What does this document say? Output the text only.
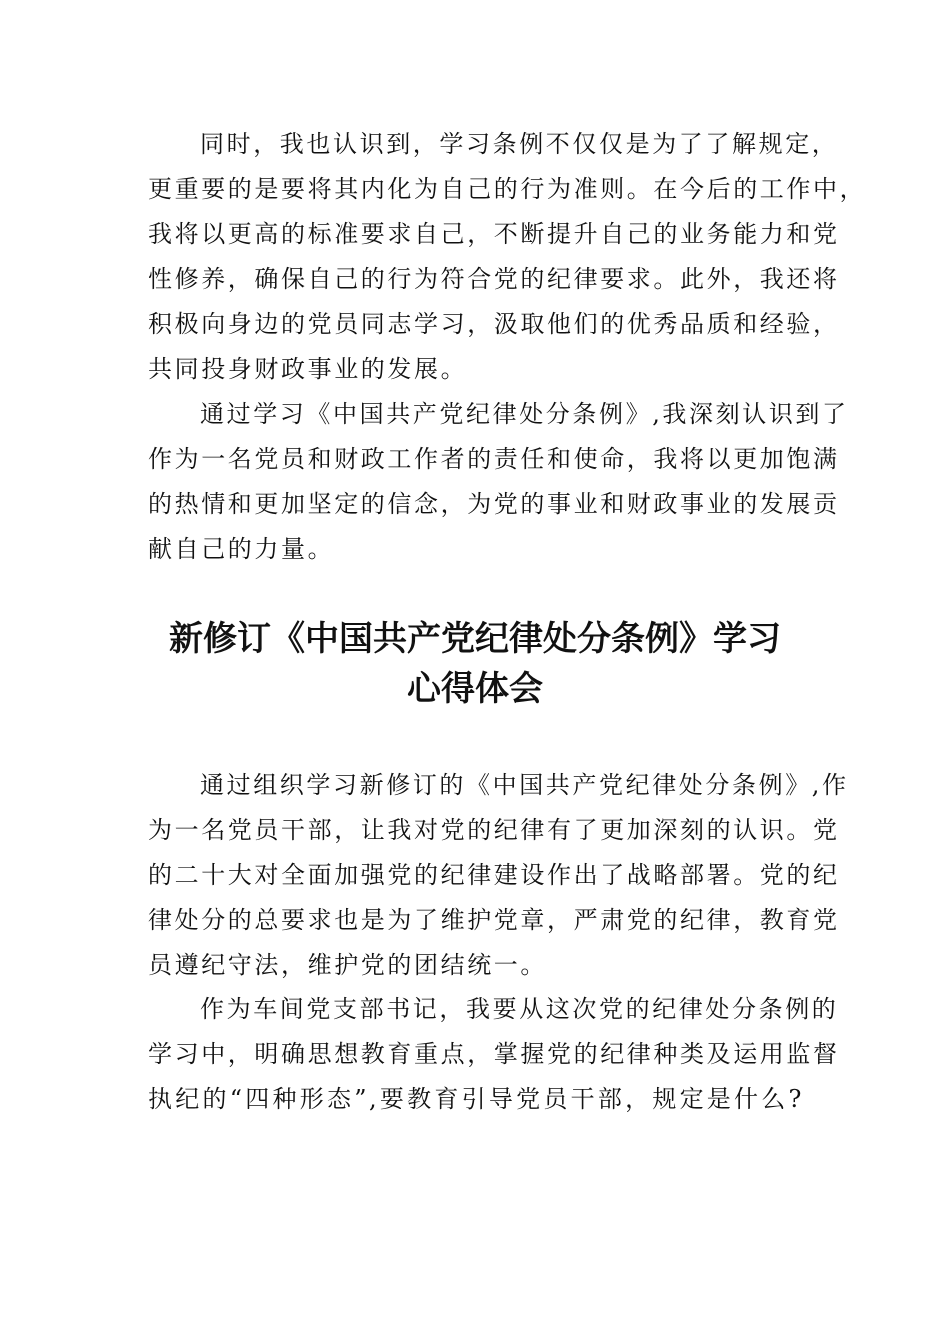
同时，我也认识到，学习条例不仅仅是为了了解规定，
更重要的是要将其内化为自己的行为准则。在今后的工作中，
我将以更高的标准要求自己，不断提升自己的业务能力和党
性修养，确保自己的行为符合党的纪律要求。此外，我还将
积极向身边的党员同志学习，汲取他们的优秀品质和经验，
共同投身财政事业的发展。
通过学习《中国共产党纪律处分条例》,我深刻认识到了
作为一名党员和财政工作者的责任和使命，我将以更加饱满
的热情和更加坚定的信念，为党的事业和财政事业的发展贡
献自己的力量。
新修订《中国共产党纪律处分条例》学习
心得体会
通过组织学习新修订的《中国共产党纪律处分条例》,作
为一名党员干部，让我对党的纪律有了更加深刻的认识。党
的二十大对全面加强党的纪律建设作出了战略部署。党的纪
律处分的总要求也是为了维护党章，严肃党的纪律，教育党
员遵纪守法，维护党的团结统一。
作为车间党支部书记，我要从这次党的纪律处分条例的
学习中，明确思想教育重点，掌握党的纪律种类及运用监督
执纪的“四种形态”,要教育引导党员干部，规定是什么?
